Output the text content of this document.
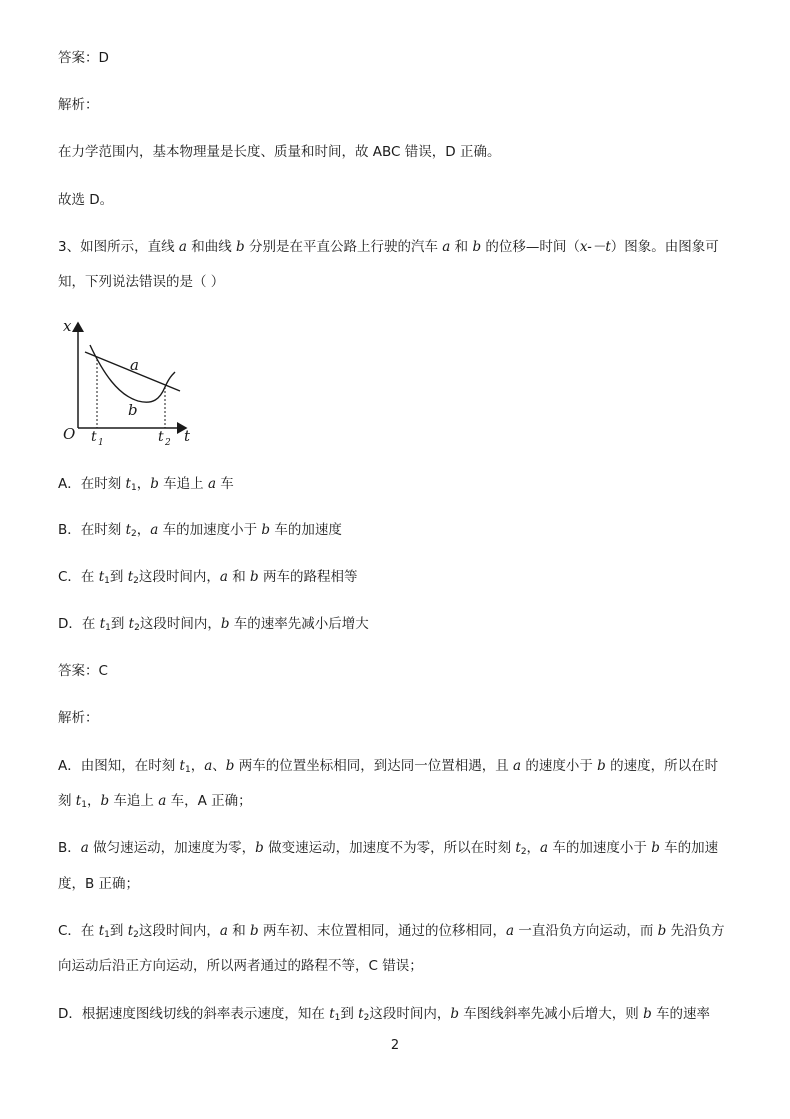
答案：D
解析：
在力学范围内，基本物理量是长度、质量和时间，故 ABC 错误，D 正确。
故选 D。
3、如图所示，直线 a 和曲线 b 分别是在平直公路上行驶的汽车 a 和 b 的位移—时间（x-－t）图象。由图象可
知，下列说法错误的是（ ）
x
t
O
a
b
t 1	t 2
A．在时刻 $t_1$，b 车追上 a 车
B．在时刻 $t_2$，a 车的加速度小于 b 车的加速度
C．在 $t_1$到 $t_2$这段时间内，a 和 b 两车的路程相等
D．在 $t_1$到 $t_2$这段时间内，b 车的速率先减小后增大
答案：C
解析：
A．由图知，在时刻 $t_1$，a、b 两车的位置坐标相同，到达同一位置相遇，且 a 的速度小于 b 的速度，所以在时
刻 $t_1$，b 车追上 a 车，A 正确；
B．a 做匀速运动，加速度为零，b 做变速运动，加速度不为零，所以在时刻 $t_2$，a 车的加速度小于 b 车的加速
度，B 正确；
C．在 $t_1$到 $t_2$这段时间内，a 和 b 两车初、末位置相同，通过的位移相同，a 一直沿负方向运动，而 b 先沿负方
向运动后沿正方向运动，所以两者通过的路程不等，C 错误；
D．根据速度图线切线的斜率表示速度，知在 $t_1$到 $t_2$这段时间内，b 车图线斜率先减小后增大，则 b 车的速率
2
